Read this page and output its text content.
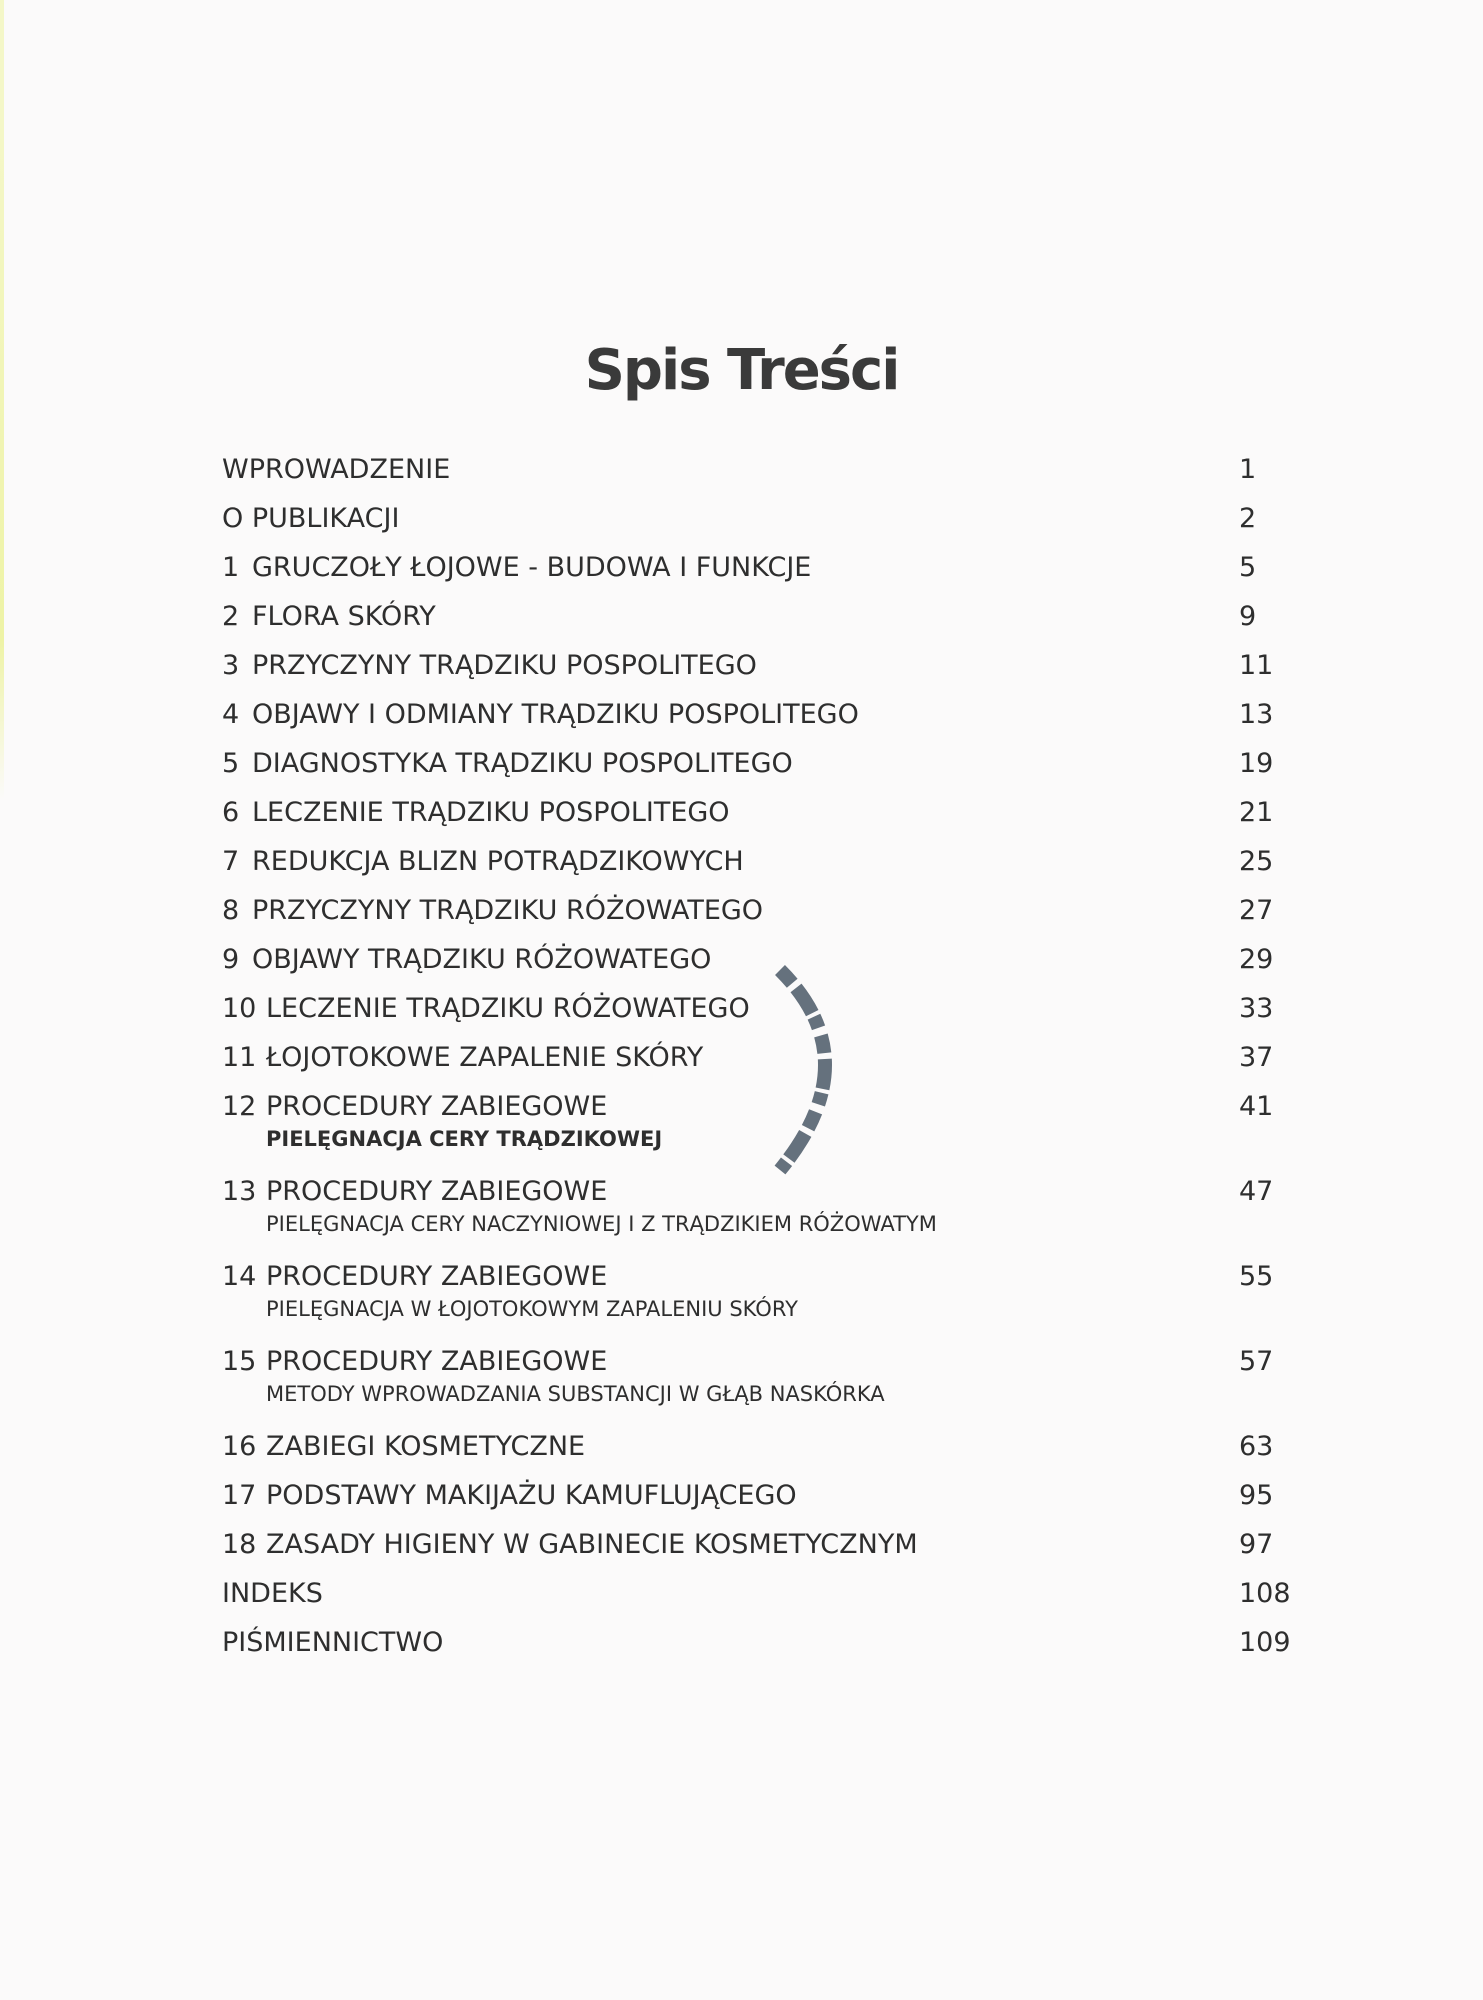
Spis Treści
WPROWADZENIE	1
O PUBLIKACJI	2
1 GRUCZOŁY ŁOJOWE - BUDOWA I FUNKCJE	5
2 FLORA SKÓRY	9
3 PRZYCZYNY TRĄDZIKU POSPOLITEGO	11
4 OBJAWY I ODMIANY TRĄDZIKU POSPOLITEGO	13
5 DIAGNOSTYKA TRĄDZIKU POSPOLITEGO	19
6 LECZENIE TRĄDZIKU POSPOLITEGO	21
7 REDUKCJA BLIZN POTRĄDZIKOWYCH	25
8 PRZYCZYNY TRĄDZIKU RÓŻOWATEGO	27
9 OBJAWY TRĄDZIKU RÓŻOWATEGO	29
10 LECZENIE TRĄDZIKU RÓŻOWATEGO	33
11 ŁOJOTOKOWE ZAPALENIE SKÓRY	37
12 PROCEDURY ZABIEGOWE	41
PIELĘGNACJA CERY TRĄDZIKOWEJ
13 PROCEDURY ZABIEGOWE	47
PIELĘGNACJA CERY NACZYNIOWEJ I Z TRĄDZIKIEM RÓŻOWATYM
14 PROCEDURY ZABIEGOWE	55
PIELĘGNACJA W ŁOJOTOKOWYM ZAPALENIU SKÓRY
15 PROCEDURY ZABIEGOWE	57
METODY WPROWADZANIA SUBSTANCJI W GŁĄB NASKÓRKA
16 ZABIEGI KOSMETYCZNE	63
17 PODSTAWY MAKIJAŻU KAMUFLUJĄCEGO	95
18 ZASADY HIGIENY W GABINECIE KOSMETYCZNYM	97
INDEKS	108
PIŚMIENNICTWO	109
